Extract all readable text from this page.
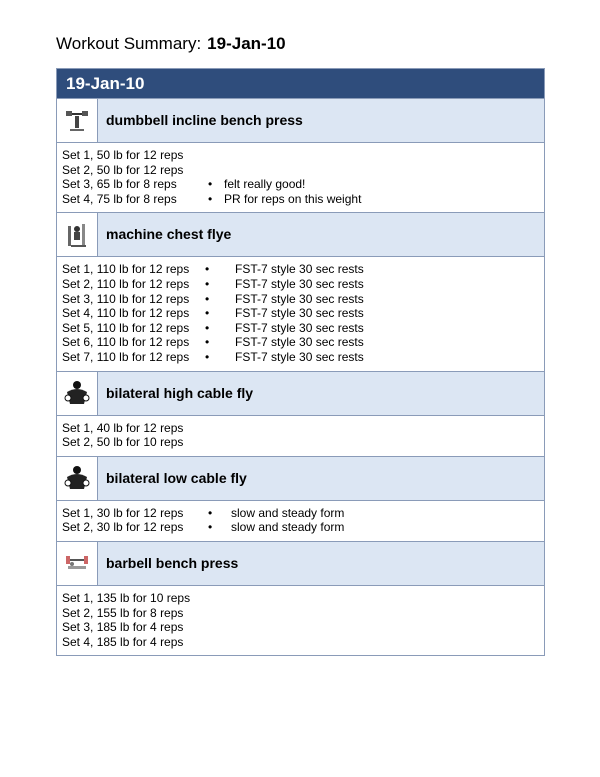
Workout Summary: 19-Jan-10
19-Jan-10
dumbbell incline bench press
Set 1, 50 lb for 12 reps
Set 2, 50 lb for 12 reps
Set 3, 65 lb for 8 reps	• felt really good!
Set 4, 75 lb for 8 reps	• PR for reps on this weight
machine chest flye
Set 1, 110 lb for 12 reps	•	FST-7 style 30 sec rests
Set 2, 110 lb for 12 reps	•	FST-7 style 30 sec rests
Set 3, 110 lb for 12 reps	•	FST-7 style 30 sec rests
Set 4, 110 lb for 12 reps	•	FST-7 style 30 sec rests
Set 5, 110 lb for 12 reps	•	FST-7 style 30 sec rests
Set 6, 110 lb for 12 reps	•	FST-7 style 30 sec rests
Set 7, 110 lb for 12 reps	•	FST-7 style 30 sec rests
bilateral high cable fly
Set 1, 40 lb for 12 reps
Set 2, 50 lb for 10 reps
bilateral low cable fly
Set 1, 30 lb for 12 reps	•	slow and steady form
Set 2, 30 lb for 12 reps	•	slow and steady form
barbell bench press
Set 1, 135 lb for 10 reps
Set 2, 155 lb for 8 reps
Set 3, 185 lb for 4 reps
Set 4, 185 lb for 4 reps
